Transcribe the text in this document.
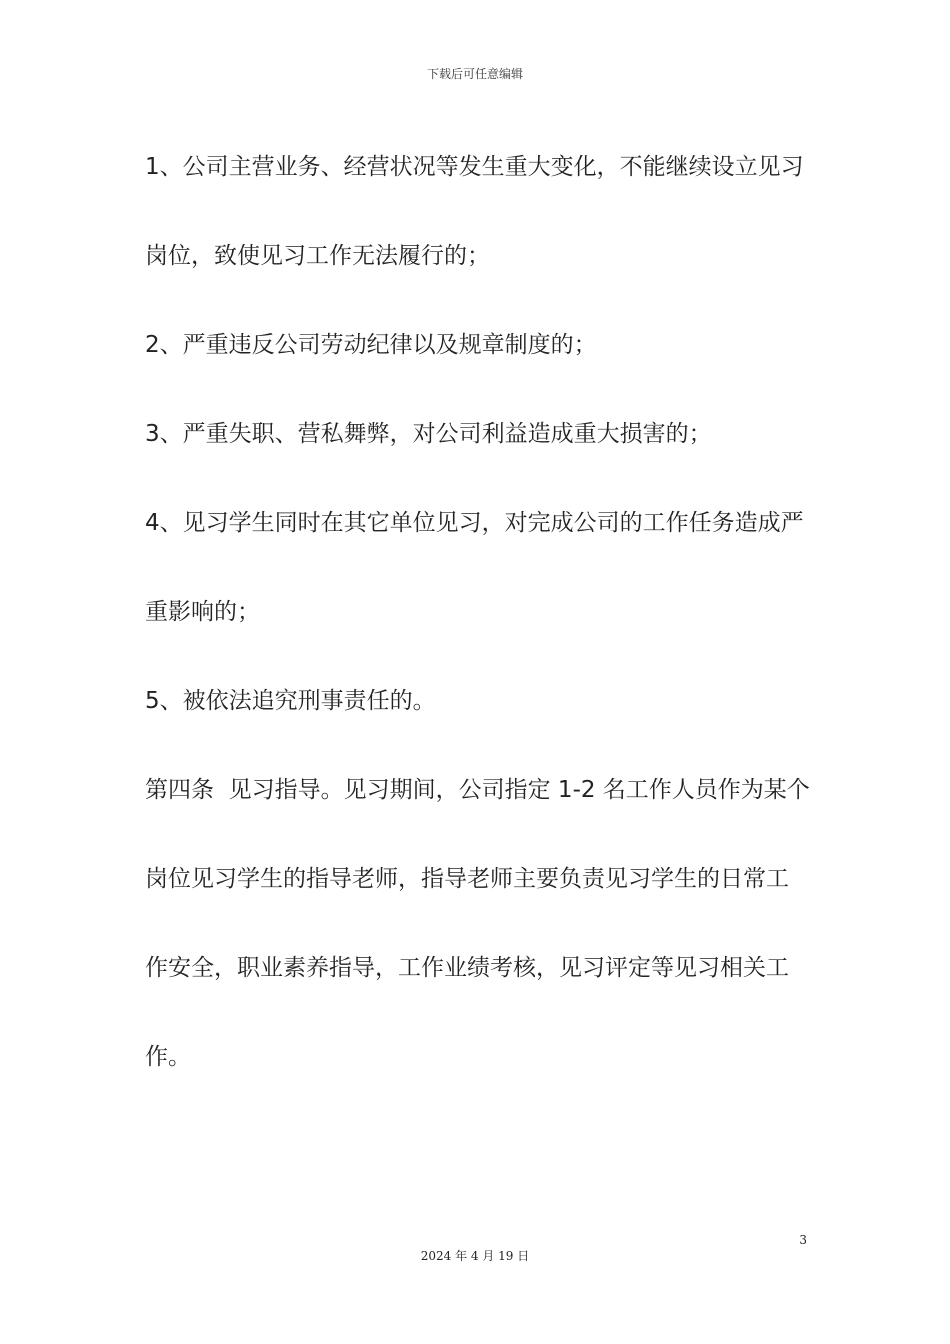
下载后可任意编辑

1、公司主营业务、经营状况等发生重大变化，不能继续设立见习

岗位，致使见习工作无法履行的；

2、严重违反公司劳动纪律以及规章制度的；

3、严重失职、营私舞弊，对公司利益造成重大损害的；

4、见习学生同时在其它单位见习，对完成公司的工作任务造成严

重影响的；

5、被依法追究刑事责任的。

第四条  见习指导。见习期间，公司指定 1-2 名工作人员作为某个

岗位见习学生的指导老师，指导老师主要负责见习学生的日常工

作安全，职业素养指导，工作业绩考核，见习评定等见习相关工

作。

3
2024 年 4 月 19 日
